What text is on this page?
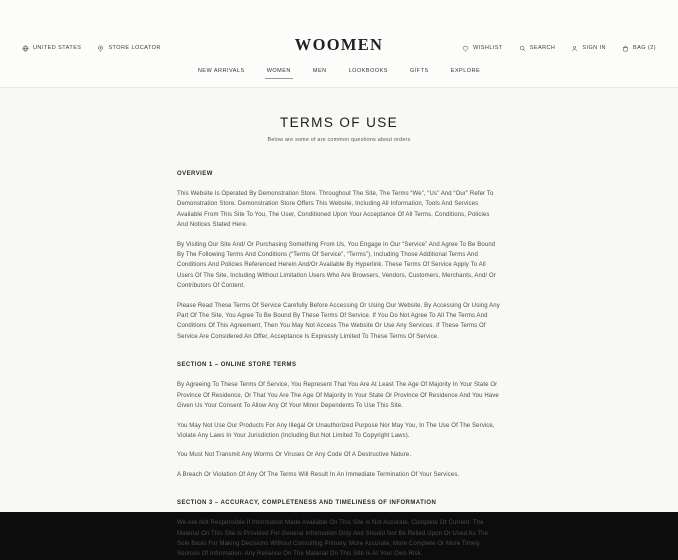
UNITED STATES	STORE LOCATOR	WOOMEN	WISHLIST	SEARCH	SIGN IN	BAG (2)
NEW ARRIVALS	WOMEN	MEN	LOOKBOOKS	GIFTS	EXPLORE
TERMS OF USE
Below are some of are common questions about orders
OVERVIEW

This Website Is Operated By Demonstration Store. Throughout The Site, The Terms “We”, “Us” And “Our” Refer To Demonstration Store. Demonstration Store Offers This Website, Including All Information, Tools And Services Available From This Site To You, The User, Conditioned Upon Your Acceptance Of All Terms, Conditions, Policies And Notices Stated Here.

By Visiting Our Site And/ Or Purchasing Something From Us, You Engage In Our “Service” And Agree To Be Bound By The Following Terms And Conditions (“Terms Of Service”, “Terms”), Including Those Additional Terms And Conditions And Policies Referenced Herein And/Or Available By Hyperlink. These Terms Of Service Apply To All Users Of The Site, Including Without Limitation Users Who Are Browsers, Vendors, Customers, Merchants, And/ Or Contributors Of Content.

Please Read These Terms Of Service Carefully Before Accessing Or Using Our Website. By Accessing Or Using Any Part Of The Site, You Agree To Be Bound By These Terms Of Service. If You Do Not Agree To All The Terms And Conditions Of This Agreement, Then You May Not Access The Website Or Use Any Services. If These Terms Of Service Are Considered An Offer, Acceptance Is Expressly Limited To These Terms Of Service.

SECTION 1 – ONLINE STORE TERMS

By Agreeing To These Terms Of Service, You Represent That You Are At Least The Age Of Majority In Your State Or Province Of Residence, Or That You Are The Age Of Majority In Your State Or Province Of Residence And You Have Given Us Your Consent To Allow Any Of Your Minor Dependents To Use This Site.

You May Not Use Our Products For Any Illegal Or Unauthorized Purpose Nor May You, In The Use Of The Service, Violate Any Laws In Your Jurisdiction (Including But Not Limited To Copyright Laws).

You Must Not Transmit Any Worms Or Viruses Or Any Code Of A Destructive Nature.

A Breach Or Violation Of Any Of The Terms Will Result In An Immediate Termination Of Your Services.

SECTION 3 – ACCURACY, COMPLETENESS AND TIMELINESS OF INFORMATION

We Are Not Responsible If Information Made Available On This Site Is Not Accurate, Complete Or Current. The Material On This Site Is Provided For General Information Only And Should Not Be Relied Upon Or Used As The Sole Basis For Making Decisions Without Consulting Primary, More Accurate, More Complete Or More Timely Sources Of Information. Any Reliance On The Material On This Site Is At Your Own Risk.
